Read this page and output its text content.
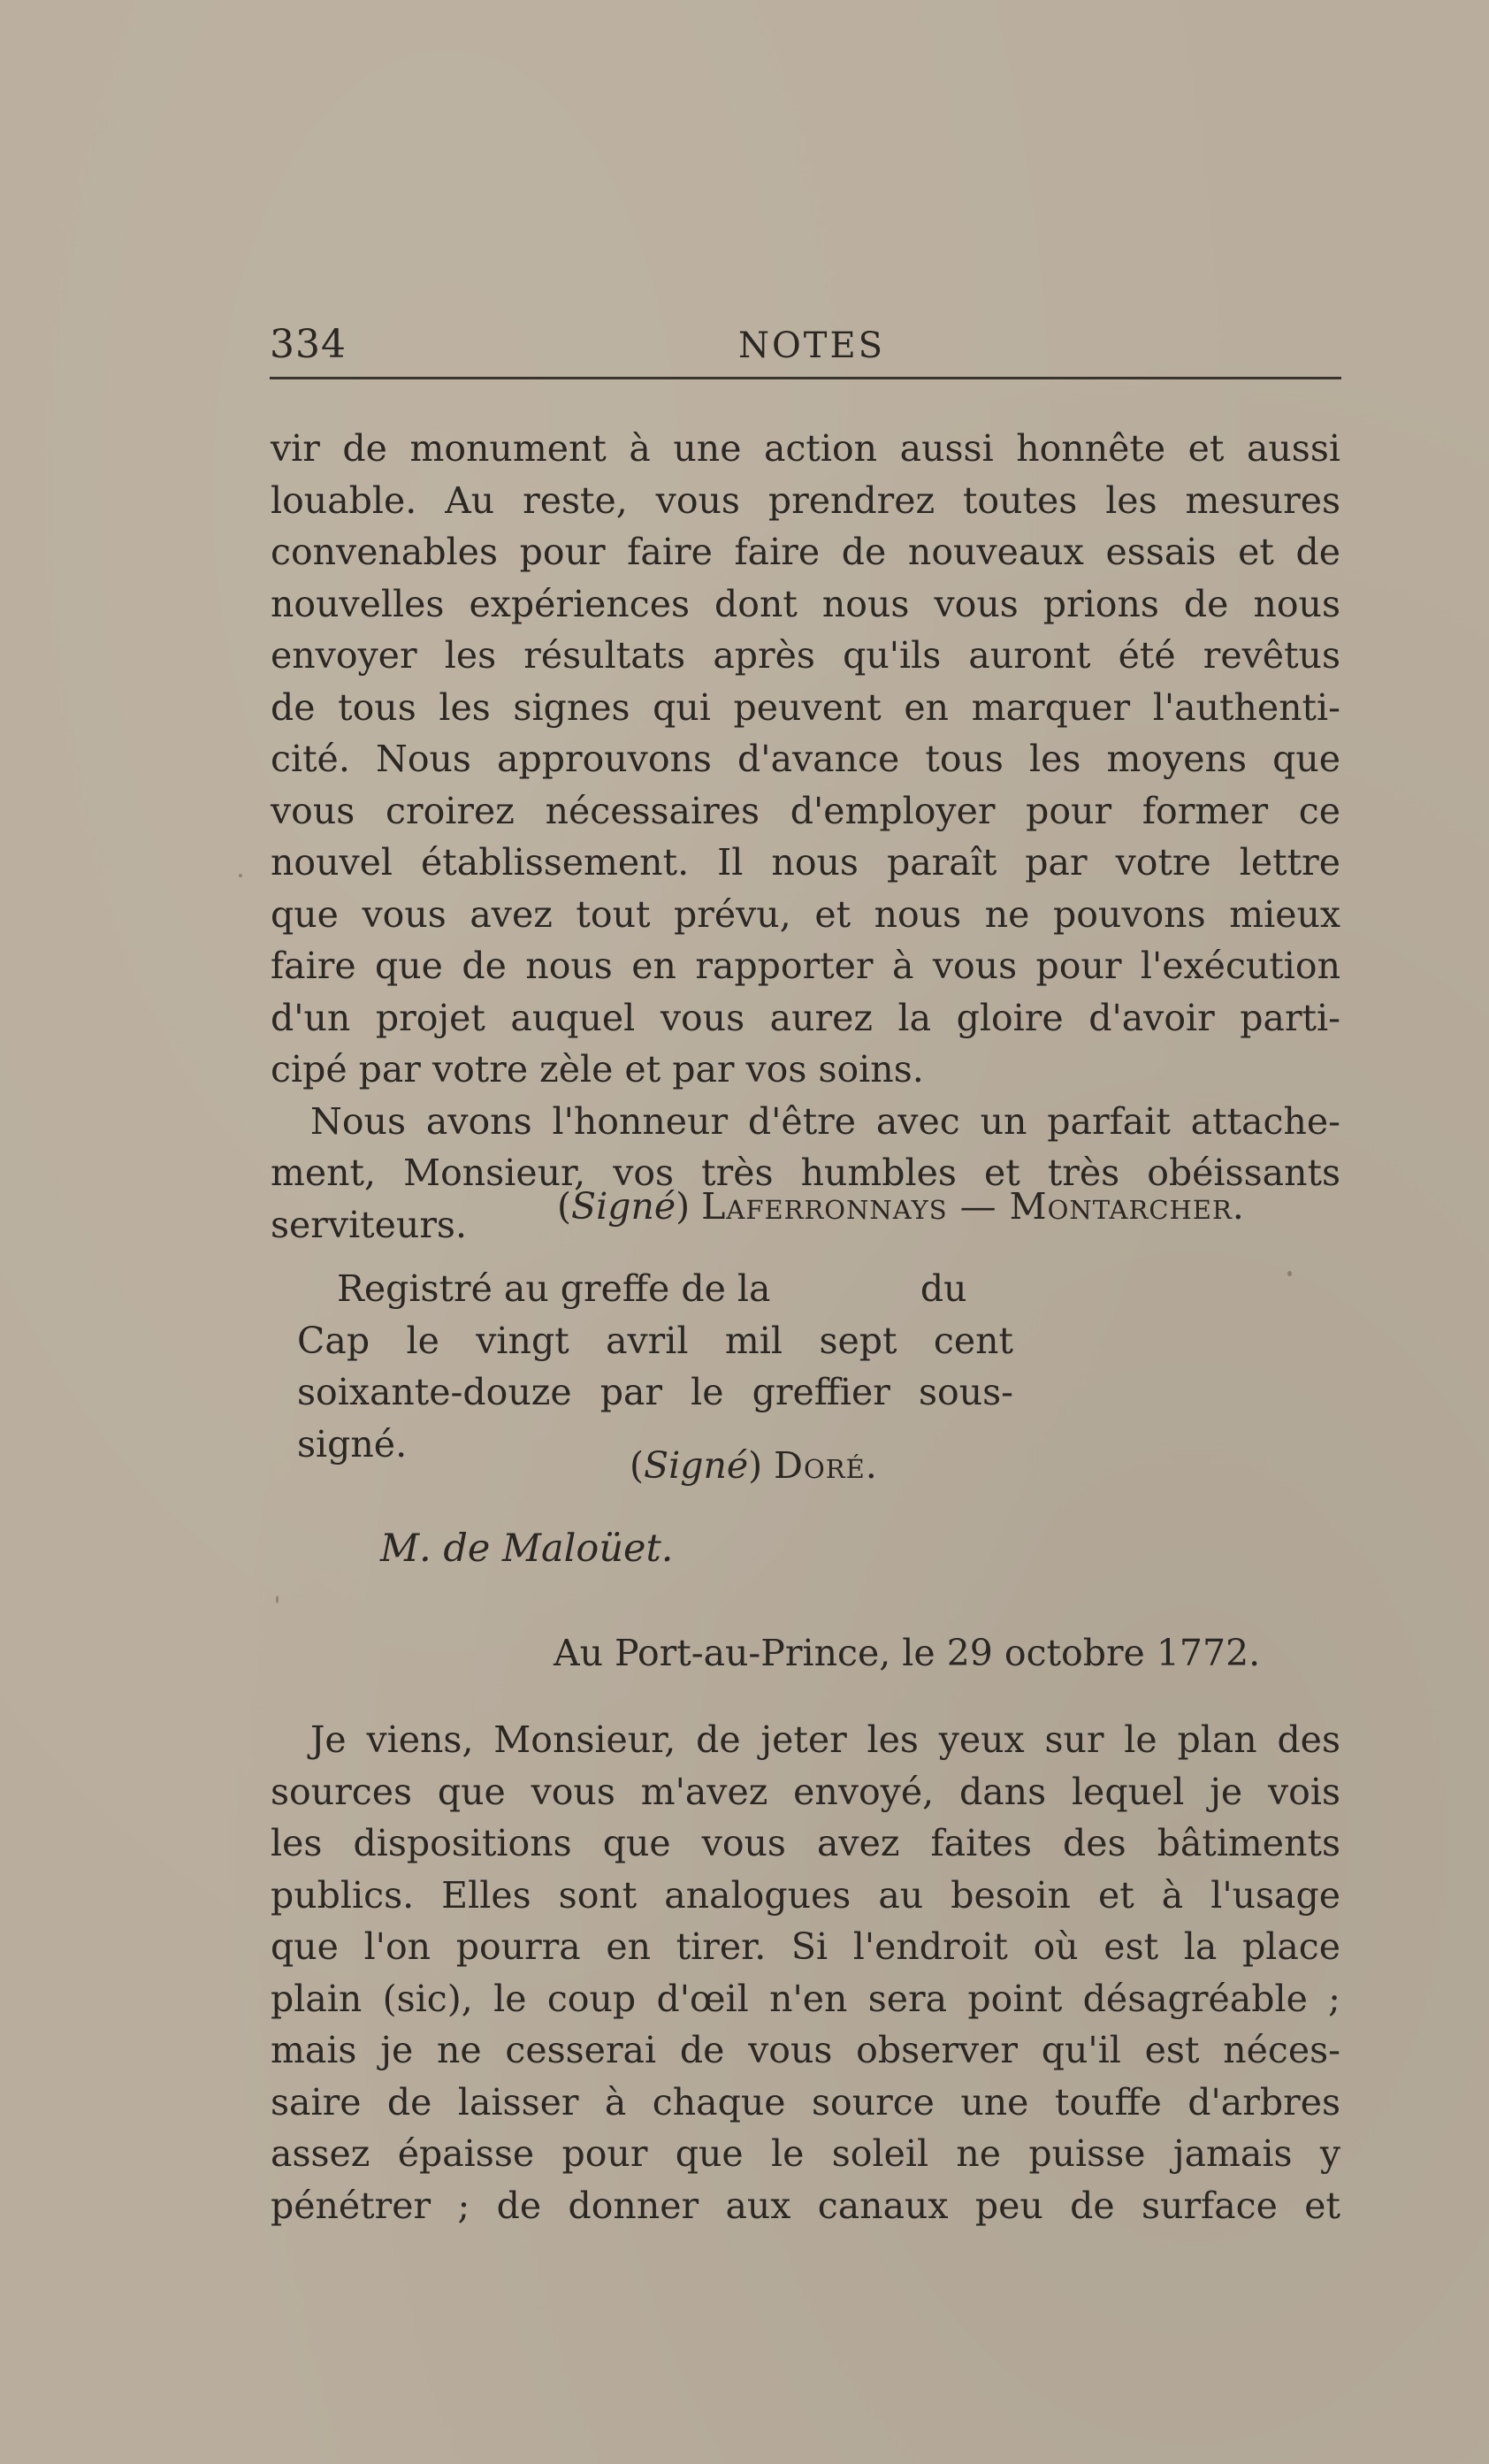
334	NOTES
vir de monument à une action aussi honnête et aussi
louable. Au reste, vous prendrez toutes les mesures
convenables pour faire faire de nouveaux essais et de
nouvelles expériences dont nous vous prions de nous
envoyer les résultats après qu'ils auront été revêtus
de tous les signes qui peuvent en marquer l'authenti-
cité. Nous approuvons d'avance tous les moyens que
vous croirez nécessaires d'employer pour former ce
nouvel établissement. Il nous paraît par votre lettre
que vous avez tout prévu, et nous ne pouvons mieux
faire que de nous en rapporter à vous pour l'exécution
d'un projet auquel vous aurez la gloire d'avoir parti-
cipé par votre zèle et par vos soins.
Nous avons l'honneur d'être avec un parfait attache-
ment, Monsieur, vos très humbles et très obéissants
serviteurs.	(Signé) Laferronnays — Montarcher.
Registré au greffe de la             du
Cap le vingt avril mil sept cent
soixante-douze par le greffier sous-
signé.
(Signé) Doré.
M. de Maloüet.
Au Port-au-Prince, le 29 octobre 1772.
Je viens, Monsieur, de jeter les yeux sur le plan des
sources que vous m'avez envoyé, dans lequel je vois
les dispositions que vous avez faites des bâtiments
publics. Elles sont analogues au besoin et à l'usage
que l'on pourra en tirer. Si l'endroit où est la place
plain (sic), le coup d'œil n'en sera point désagréable ;
mais je ne cesserai de vous observer qu'il est néces-
saire de laisser à chaque source une touffe d'arbres
assez épaisse pour que le soleil ne puisse jamais y
pénétrer ; de donner aux canaux peu de surface et
